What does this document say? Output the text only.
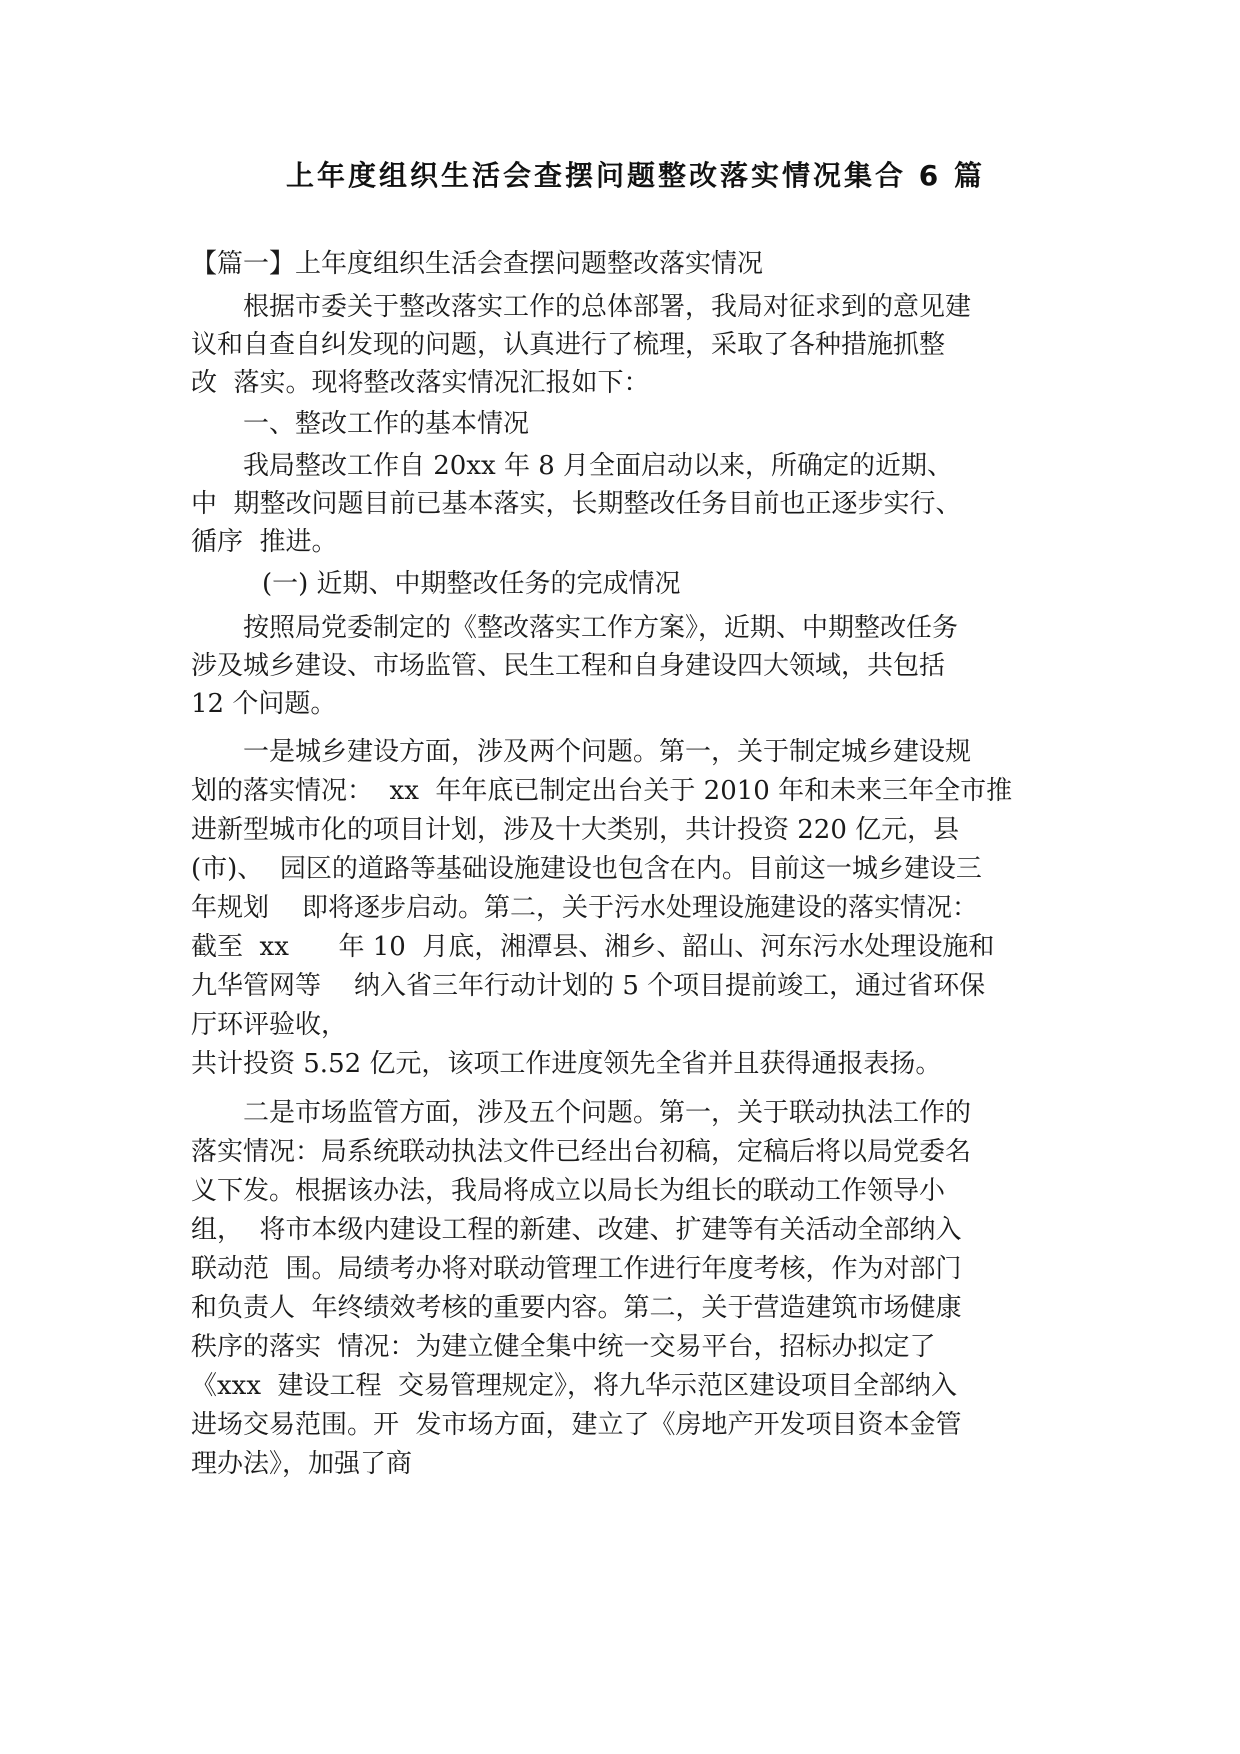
上年度组织生活会查摆问题整改落实情况集合 6 篇
【篇一】上年度组织生活会查摆问题整改落实情况
根据市委关于整改落实工作的总体部署，我局对征求到的意见建
议和自查自纠发现的问题，认真进行了梳理，采取了各种措施抓整
改  落实。现将整改落实情况汇报如下：
一、整改工作的基本情况
我局整改工作自 20xx 年 8 月全面启动以来，所确定的近期、
中  期整改问题目前已基本落实，长期整改任务目前也正逐步实行、
循序  推进。
(一) 近期、中期整改任务的完成情况
按照局党委制定的《整改落实工作方案》，近期、中期整改任务
涉及城乡建设、市场监管、民生工程和自身建设四大领域，共包括
12 个问题。
一是城乡建设方面，涉及两个问题。第一，关于制定城乡建设规
划的落实情况：  xx  年年底已制定出台关于 2010 年和未来三年全市推
进新型城市化的项目计划，涉及十大类别，共计投资 220 亿元，县
(市)、  园区的道路等基础设施建设也包含在内。目前这一城乡建设三
年规划    即将逐步启动。第二，关于污水处理设施建设的落实情况：
截至  xx      年 10  月底，湘潭县、湘乡、韶山、河东污水处理设施和
九华管网等    纳入省三年行动计划的 5 个项目提前竣工，通过省环保
厅环评验收，
共计投资 5.52 亿元，该项工作进度领先全省并且获得通报表扬。
二是市场监管方面，涉及五个问题。第一，关于联动执法工作的
落实情况：局系统联动执法文件已经出台初稿，定稿后将以局党委名
义下发。根据该办法，我局将成立以局长为组长的联动工作领导小
组，  将市本级内建设工程的新建、改建、扩建等有关活动全部纳入
联动范  围。局绩考办将对联动管理工作进行年度考核，作为对部门
和负责人  年终绩效考核的重要内容。第二，关于营造建筑市场健康
秩序的落实  情况：为建立健全集中统一交易平台，招标办拟定了
《xxx  建设工程  交易管理规定》，将九华示范区建设项目全部纳入
进场交易范围。开  发市场方面，建立了《房地产开发项目资本金管
理办法》，加强了商
